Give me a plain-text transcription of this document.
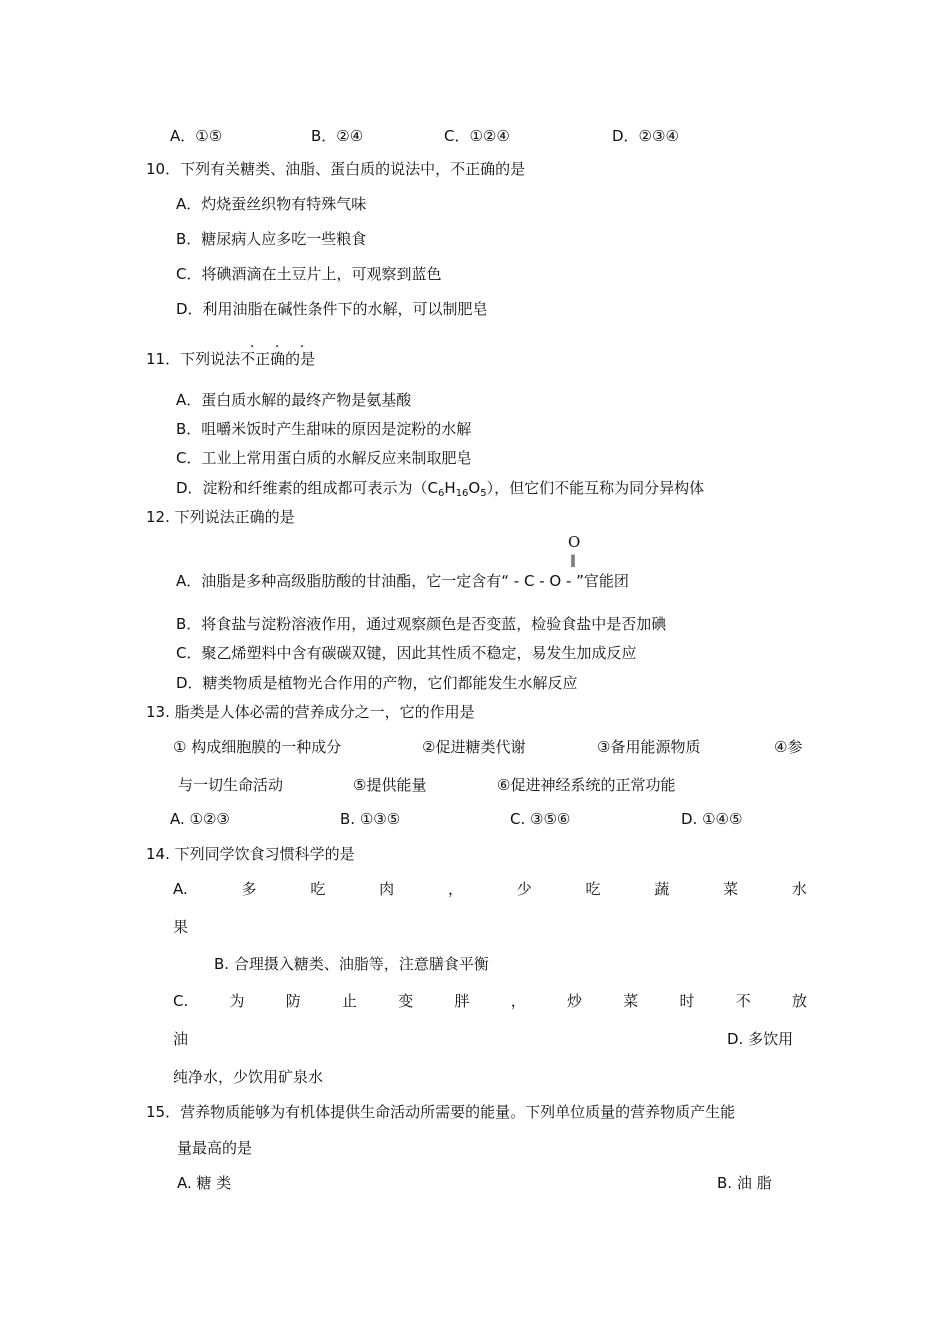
A．①⑤	B．②④	C．①②④	D．②③④
10．下列有关糖类、油脂、蛋白质的说法中，不正确的是
A．灼烧蚕丝织物有特殊气味
B．糖尿病人应多吃一些粮食
C．将碘酒滴在土豆片上，可观察到蓝色
D．利用油脂在碱性条件下的水解，可以制肥皂
. . .
11．下列说法不正确的是
A．蛋白质水解的最终产物是氨基酸
B．咀嚼米饭时产生甜味的原因是淀粉的水解
C．工业上常用蛋白质的水解反应来制取肥皂
D．淀粉和纤维素的组成都可表示为$(C_6H_{16}O_5)$，但它们不能互称为同分异构体
12. 下列说法正确的是
O
‖
A．油脂是多种高级脂肪酸的甘油酯，它一定含有“ - C - O - ”官能团
B．将食盐与淀粉溶液作用，通过观察颜色是否变蓝，检验食盐中是否加碘
C．聚乙烯塑料中含有碳碳双键，因此其性质不稳定，易发生加成反应
D．糖类物质是植物光合作用的产物，它们都能发生水解反应
13. 脂类是人体必需的营养成分之一，它的作用是
① 构成细胞膜的一种成分	②促进糖类代谢	③备用能源物质	④参
与一切生命活动	⑤提供能量	⑥促进神经系统的正常功能
A. ①②③	B. ①③⑤	C. ③⑤⑥	D. ①④⑤
14. 下列同学饮食习惯科学的是
A.	多	吃	肉	，	少	吃	蔬	菜	水
果
B. 合理摄入糖类、油脂等，注意膳食平衡
C.	为	防	止	变	胖	，	炒	菜	时	不	放
油	D. 多饮用
纯净水，少饮用矿泉水
15．营养物质能够为有机体提供生命活动所需要的能量。下列单位质量的营养物质产生能
量最高的是
A. 糖 类	B. 油 脂
